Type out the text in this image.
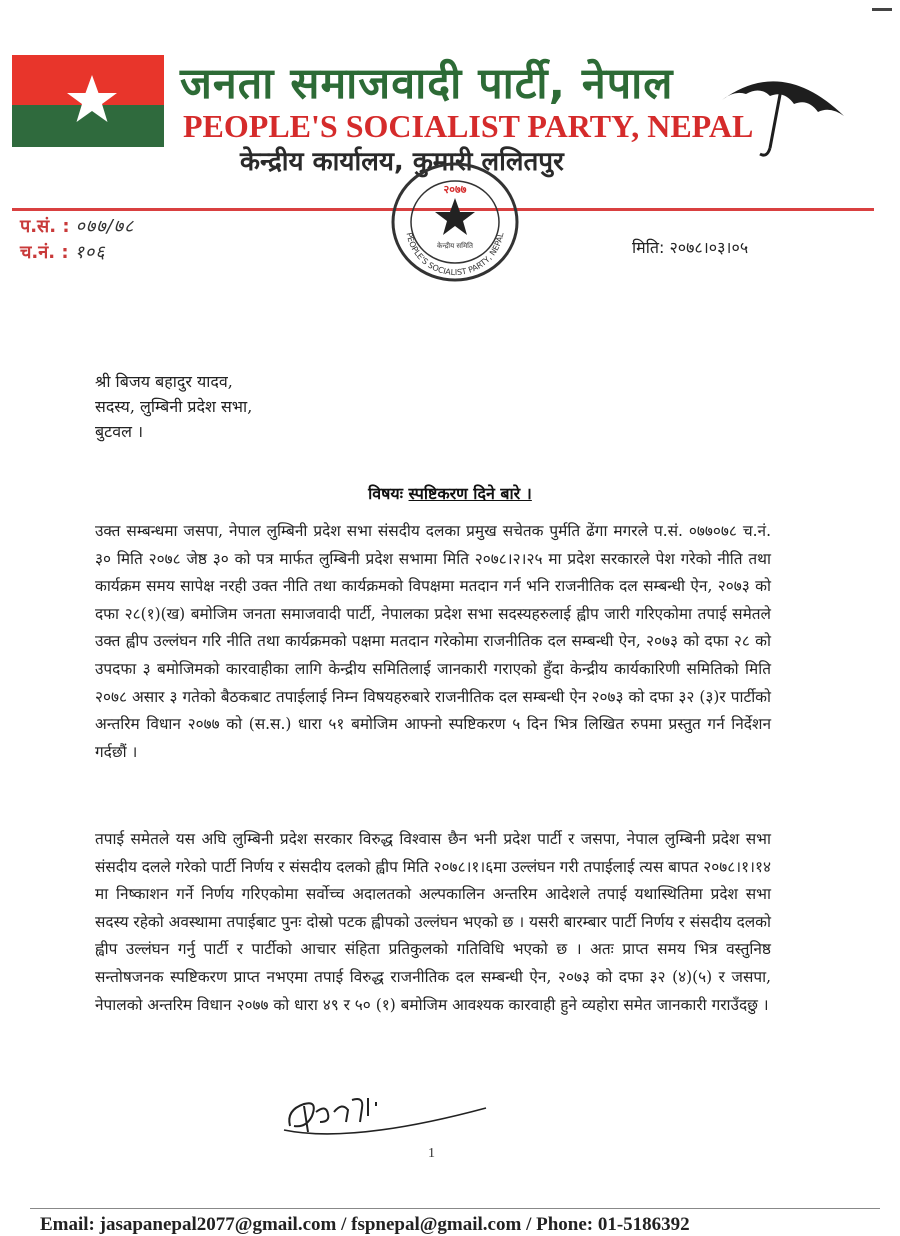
जनता समाजवादी पार्टी, नेपाल
PEOPLE'S SOCIALIST PARTY, NEPAL
केन्द्रीय कार्यालय, कुमारी ललितपुर
प.सं. : ०७७/७८
च.नं. : १०६
PEOPLE'S SOCIALIST PARTY, NEPAL
२०७७
केन्द्रीय समिति	मिति: २०७८।०३।०५
श्री बिजय बहादुर यादव,
सदस्य, लुम्बिनी प्रदेश सभा,
बुटवल ।
विषयः स्पष्टिकरण दिने बारे ।
उक्त सम्बन्धमा जसपा, नेपाल लुम्बिनी प्रदेश सभा संसदीय दलका प्रमुख सचेतक पुर्मति ढेंगा मगरले प.सं. ०७७०७८ च.नं. ३० मिति २०७८ जेष्ठ ३० को पत्र मार्फत लुम्बिनी प्रदेश सभामा मिति २०७८।२।२५ मा प्रदेश सरकारले पेश गरेको नीति तथा कार्यक्रम समय सापेक्ष नरही उक्त नीति तथा कार्यक्रमको विपक्षमा मतदान गर्न भनि राजनीतिक दल सम्बन्धी ऐन, २०७३ को दफा २८(१)(ख) बमोजिम जनता समाजवादी पार्टी, नेपालका प्रदेश सभा सदस्यहरुलाई ह्वीप जारी गरिएकोमा तपाई समेतले उक्त ह्वीप उल्लंघन गरि नीति तथा कार्यक्रमको पक्षमा मतदान गरेकोमा राजनीतिक दल सम्बन्धी ऐन, २०७३ को दफा २८ को उपदफा ३ बमोजिमको कारवाहीका लागि केन्द्रीय समितिलाई जानकारी गराएको हुँदा केन्द्रीय कार्यकारिणी समितिको मिति २०७८ असार ३ गतेको बैठकबाट तपाईलाई निम्न विषयहरुबारे राजनीतिक दल सम्बन्धी ऐन २०७३ को दफा ३२ (३)र पार्टीको अन्तरिम विधान २०७७ को (स.स.) धारा ५१ बमोजिम आफ्नो स्पष्टिकरण ५ दिन भित्र लिखित रुपमा प्रस्तुत गर्न निर्देशन गर्दछौं ।
तपाई समेतले यस अघि लुम्बिनी प्रदेश सरकार विरुद्ध विश्वास छैन भनी प्रदेश पार्टी र जसपा, नेपाल लुम्बिनी प्रदेश सभा संसदीय दलले गरेको पार्टी निर्णय र संसदीय दलको ह्वीप मिति २०७८।१।६मा उल्लंघन गरी तपाईलाई त्यस बापत २०७८।१।१४ मा निष्काशन गर्ने निर्णय गरिएकोमा सर्वोच्च अदालतको अल्पकालिन अन्तरिम आदेशले तपाई यथास्थितिमा प्रदेश सभा सदस्य रहेको अवस्थामा तपाईबाट पुनः दोस्रो पटक ह्वीपको उल्लंघन भएको छ । यसरी बारम्बार पार्टी निर्णय र संसदीय दलको ह्वीप उल्लंघन गर्नु पार्टी र पार्टीको आचार संहिता प्रतिकुलको गतिविधि भएको छ । अतः प्राप्त समय भित्र वस्तुनिष्ठ सन्तोषजनक स्पष्टिकरण प्राप्त नभएमा तपाई विरुद्ध राजनीतिक दल सम्बन्धी ऐन, २०७३ को दफा ३२ (४)(५) र जसपा, नेपालको अन्तरिम विधान २०७७ को धारा ४९ र ५० (१) बमोजिम आवश्यक कारवाही हुने व्यहोरा समेत जानकारी गराउँदछु ।
1
Email: jasapanepal2077@gmail.com / fspnepal@gmail.com / Phone: 01-5186392
